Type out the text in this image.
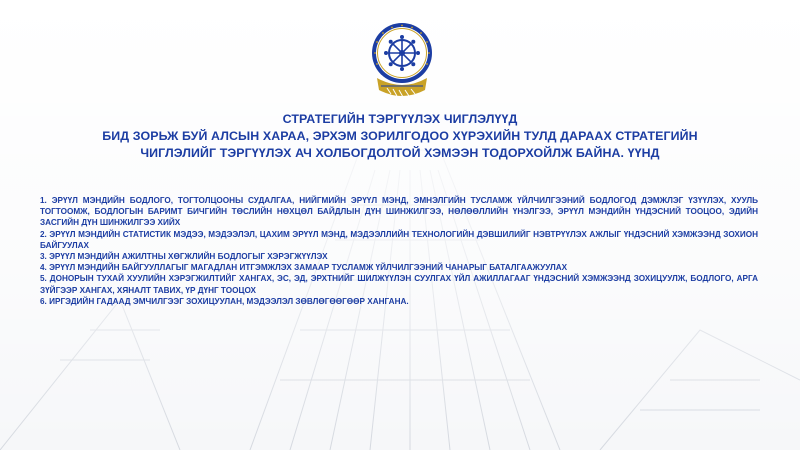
СТРАТЕГИЙН ТЭРГҮҮЛЭХ ЧИГЛЭЛҮҮД
БИД ЗОРЬЖ БУЙ АЛСЫН ХАРАА, ЭРХЭМ ЗОРИЛГОДОО ХҮРЭХИЙН ТУЛД ДАРААХ СТРАТЕГИЙН
ЧИГЛЭЛИЙГ ТЭРГҮҮЛЭХ АЧ ХОЛБОГДОЛТОЙ ХЭМЭЭН ТОДОРХОЙЛЖ БАЙНА. ҮҮНД

1. ЭРҮҮЛ МЭНДИЙН БОДЛОГО, ТОГТОЛЦООНЫ СУДАЛГАА, НИЙГМИЙН ЭРҮҮЛ МЭНД, ЭМНЭЛГИЙН ТУСЛАМЖ ҮЙЛЧИЛГЭЭНИЙ БОДЛОГОД ДЭМЖЛЭГ ҮЗҮҮЛЭХ, ХУУЛЬ ТОГТООМЖ, БОДЛОГЫН БАРИМТ БИЧГИЙН ТӨСЛИЙН НӨХЦӨЛ БАЙДЛЫН ДҮН ШИНЖИЛГЭЭ, НӨЛӨӨЛЛИЙН ҮНЭЛГЭЭ, ЭРҮҮЛ МЭНДИЙН ҮНДЭСНИЙ ТООЦОО, ЭДИЙН ЗАСГИЙН ДҮН ШИНЖИЛГЭЭ ХИЙХ

2. ЭРҮҮЛ МЭНДИЙН СТАТИСТИК МЭДЭЭ, МЭДЭЭЛЭЛ, ЦАХИМ ЭРҮҮЛ МЭНД, МЭДЭЭЛЛИЙН ТЕХНОЛОГИЙН ДЭВШИЛИЙГ НЭВТРҮҮЛЭХ АЖЛЫГ ҮНДЭСНИЙ ХЭМЖЭЭНД ЗОХИОН БАЙГУУЛАХ

3. ЭРҮҮЛ МЭНДИЙН АЖИЛТНЫ ХӨГЖЛИЙН БОДЛОГЫГ ХЭРЭГЖҮҮЛЭХ

4. ЭРҮҮЛ МЭНДИЙН БАЙГУУЛЛАГЫГ МАГАДЛАН ИТГЭМЖЛЭХ ЗАМААР ТУСЛАМЖ ҮЙЛЧИЛГЭЭНИЙ ЧАНАРЫГ БАТАЛГААЖУУЛАХ

5. ДОНОРЫН ТУХАЙ ХУУЛИЙН ХЭРЭГЖИЛТИЙГ ХАНГАХ, ЭС, ЭД, ЭРХТНИЙГ ШИЛЖҮҮЛЭН СУУЛГАХ ҮЙЛ АЖИЛЛАГААГ ҮНДЭСНИЙ ХЭМЖЭЭНД ЗОХИЦУУЛЖ, БОДЛОГО, АРГА ЗҮЙГЭЭР ХАНГАХ, ХЯНАЛТ ТАВИХ, ҮР ДҮНГ ТООЦОХ

6. ИРГЭДИЙН ГАДААД ЭМЧИЛГЭЭГ ЗОХИЦУУЛАН, МЭДЭЭЛЭЛ ЗӨВЛӨГӨӨГӨӨР ХАНГАНА.
